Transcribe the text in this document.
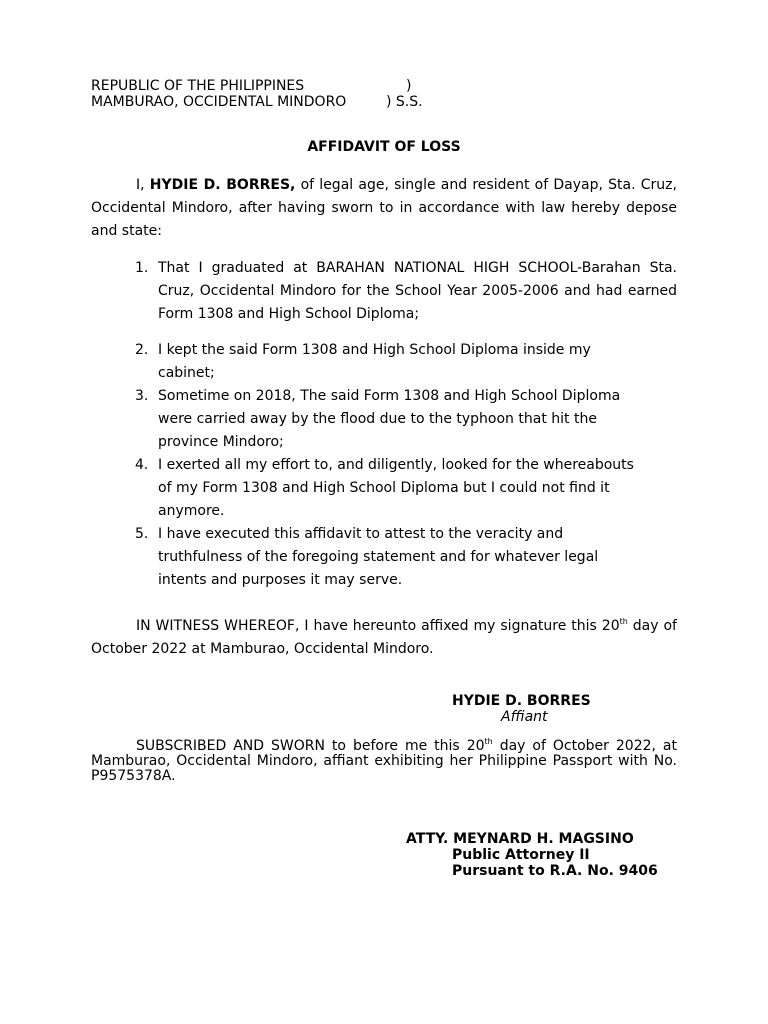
REPUBLIC OF THE PHILIPPINES	)
MAMBURAO, OCCIDENTAL MINDORO	) S.S.
AFFIDAVIT OF LOSS
I, HYDIE D. BORRES, of legal age, single and resident of Dayap, Sta. Cruz, Occidental Mindoro, after having sworn to in accordance with law hereby depose and state:
1. That I graduated at BARAHAN NATIONAL HIGH SCHOOL-Barahan Sta. Cruz, Occidental Mindoro for the School Year 2005-2006 and had earned Form 1308 and High School Diploma;
2. I kept the said Form 1308 and High School Diploma inside my
cabinet;
3. Sometime on 2018, The said Form 1308 and High School Diploma
were carried away by the flood due to the typhoon that hit the
province Mindoro;
4. I exerted all my effort to, and diligently, looked for the whereabouts
of my Form 1308 and High School Diploma but I could not find it
anymore.
5. I have executed this affidavit to attest to the veracity and
truthfulness of the foregoing statement and for whatever legal
intents and purposes it may serve.
IN WITNESS WHEREOF, I have hereunto affixed my signature this 20th day of October 2022 at Mamburao, Occidental Mindoro.
HYDIE D. BORRES
Affiant
SUBSCRIBED AND SWORN to before me this 20th day of October 2022, at Mamburao, Occidental Mindoro, affiant exhibiting her Philippine Passport with No. P9575378A.
ATTY. MEYNARD H. MAGSINO
Public Attorney II
Pursuant to R.A. No. 9406
